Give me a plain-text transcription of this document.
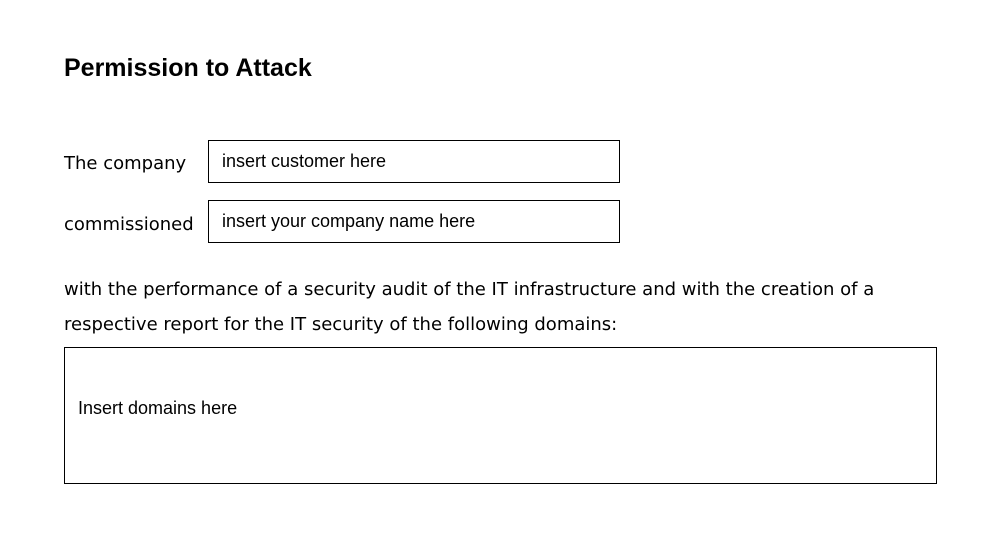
Permission to Attack
The company
insert customer here
commissioned
insert your company name here

with the performance of a security audit of the IT infrastructure and with the creation of a respective report for the IT security of the following domains:

Insert domains here
